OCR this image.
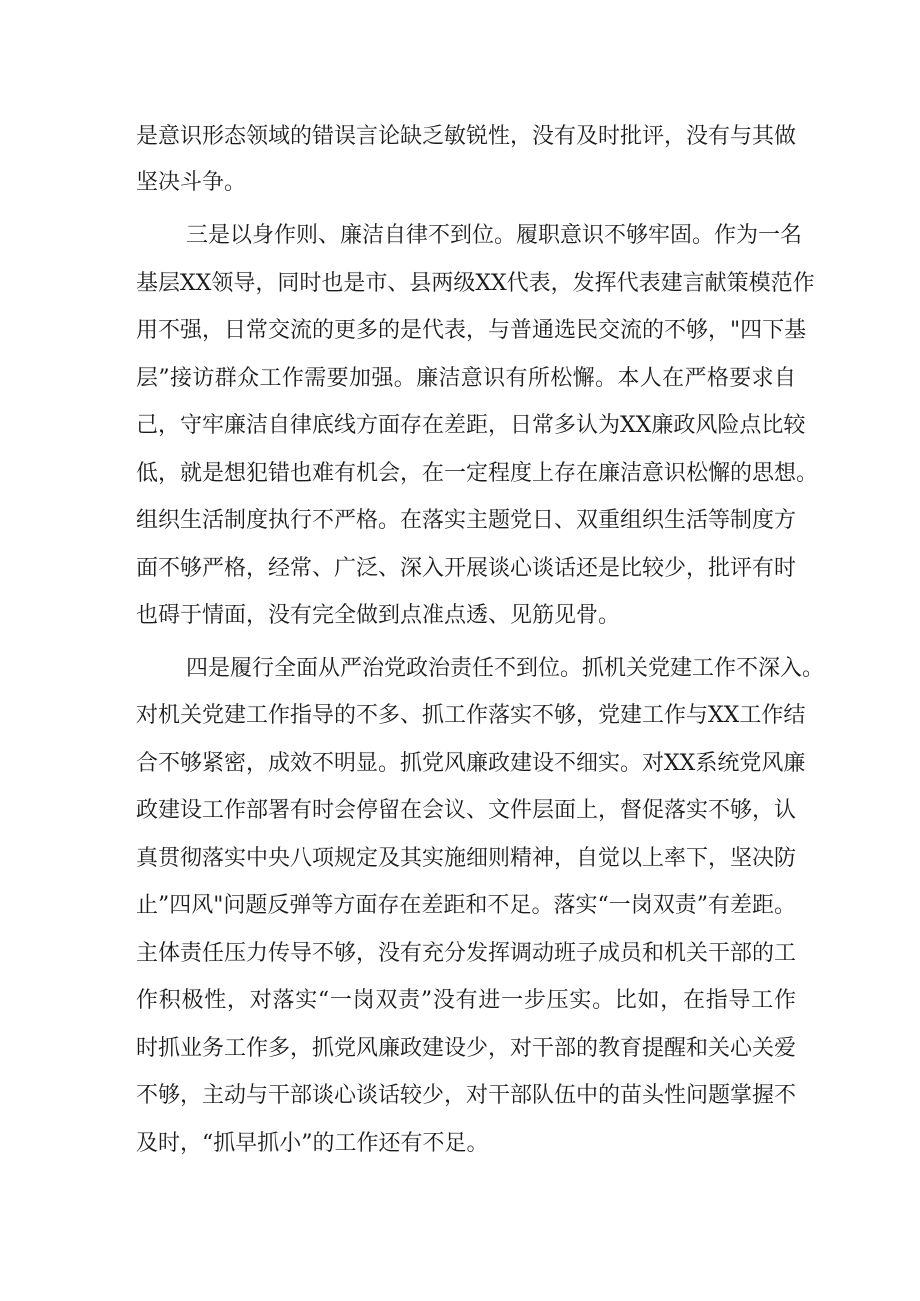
是意识形态领域的错误言论缺乏敏锐性，没有及时批评，没有与其做

坚决斗争。

三是以身作则、廉洁自律不到位。履职意识不够牢固。作为一名

基层XX领导，同时也是市、县两级XX代表，发挥代表建言献策模范作

用不强，日常交流的更多的是代表，与普通选民交流的不够，"四下基

层”接访群众工作需要加强。廉洁意识有所松懈。本人在严格要求自

己，守牢廉洁自律底线方面存在差距，日常多认为XX廉政风险点比较

低，就是想犯错也难有机会，在一定程度上存在廉洁意识松懈的思想。

组织生活制度执行不严格。在落实主题党日、双重组织生活等制度方

面不够严格，经常、广泛、深入开展谈心谈话还是比较少，批评有时

也碍于情面，没有完全做到点准点透、见筋见骨。

四是履行全面从严治党政治责任不到位。抓机关党建工作不深入。

对机关党建工作指导的不多、抓工作落实不够，党建工作与XX工作结

合不够紧密，成效不明显。抓党风廉政建设不细实。对XX系统党风廉

政建设工作部署有时会停留在会议、文件层面上，督促落实不够，认

真贯彻落实中央八项规定及其实施细则精神，自觉以上率下，坚决防

止”四风"问题反弹等方面存在差距和不足。落实“一岗双责”有差距。

主体责任压力传导不够，没有充分发挥调动班子成员和机关干部的工

作积极性，对落实“一岗双责”没有进一步压实。比如，在指导工作

时抓业务工作多，抓党风廉政建设少，对干部的教育提醒和关心关爱

不够，主动与干部谈心谈话较少，对干部队伍中的苗头性问题掌握不

及时，“抓早抓小”的工作还有不足。
